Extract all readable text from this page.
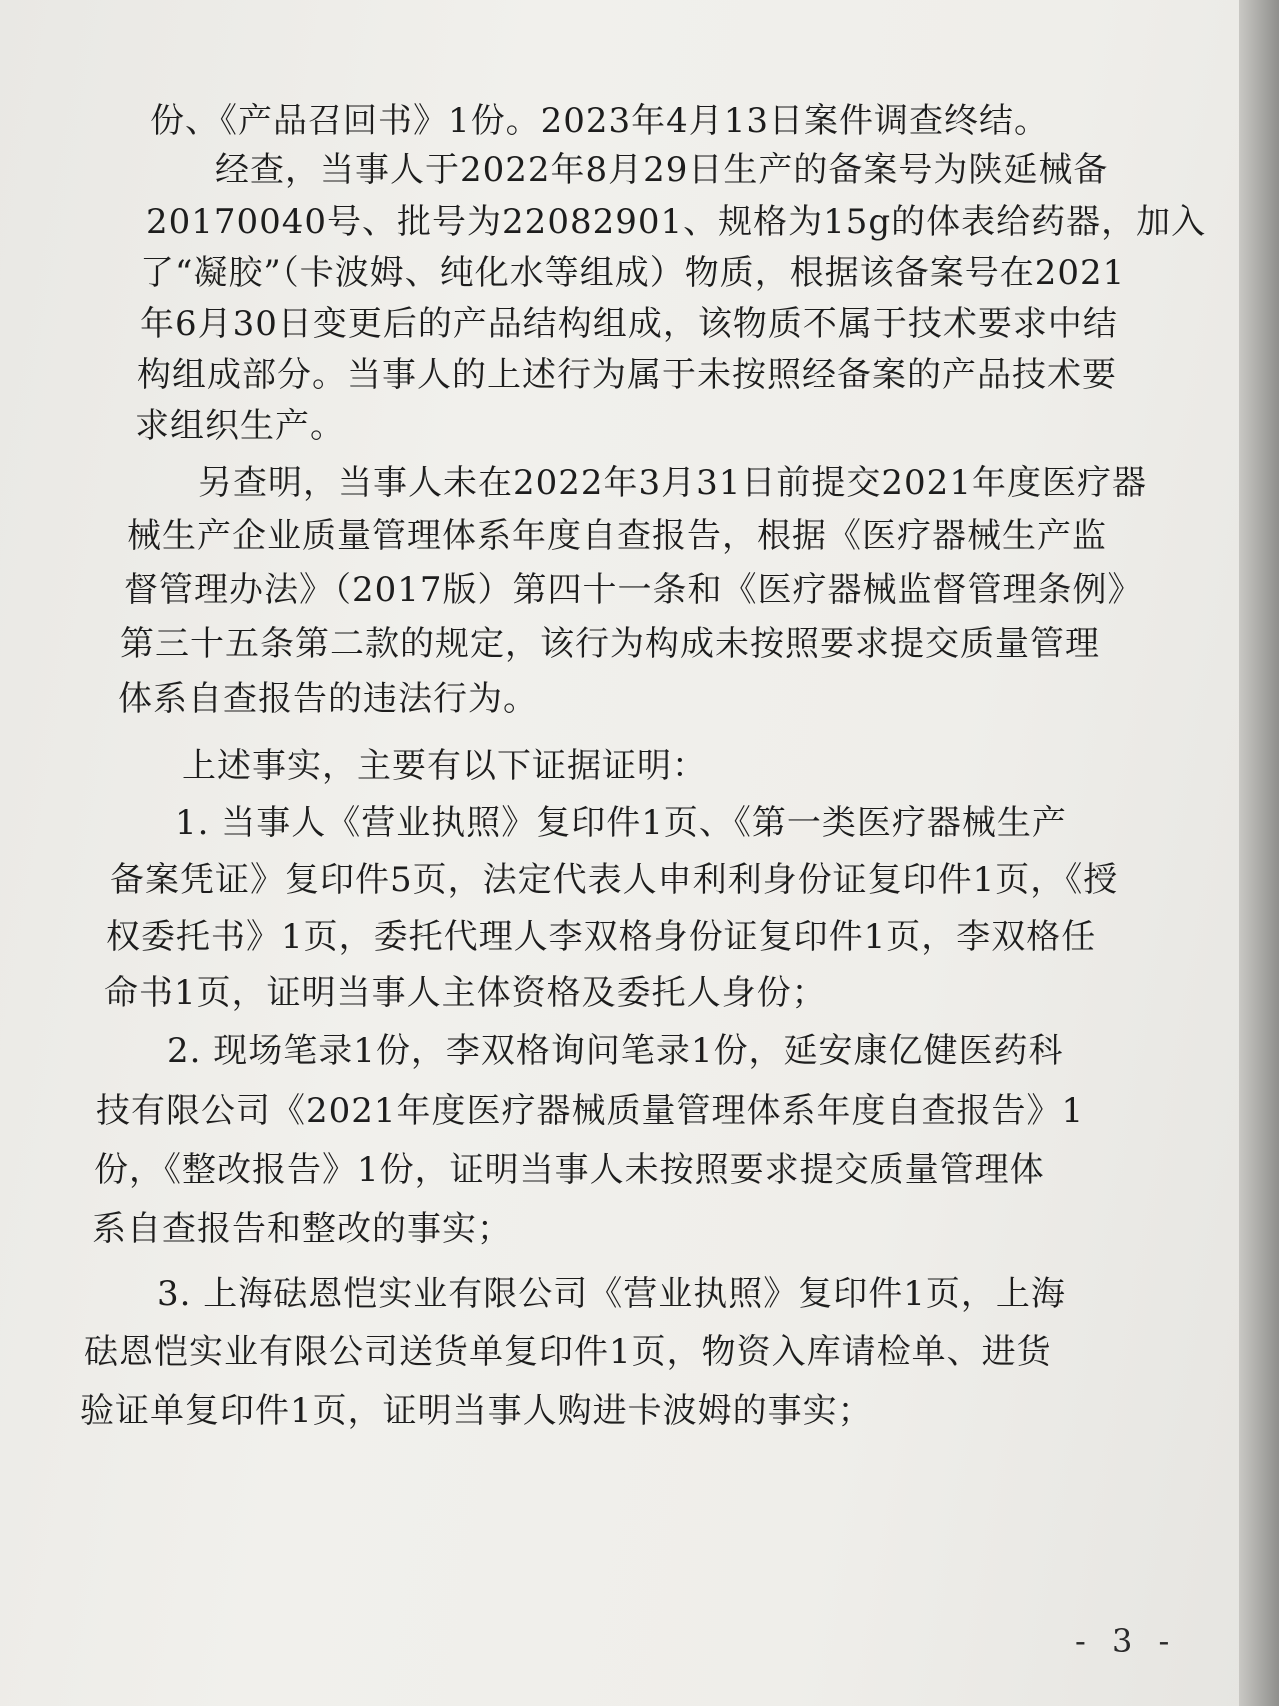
份、《产品召回书》1份。2023年4月13日案件调查终结。
经查，当事人于2022年8月29日生产的备案号为陕延械备
20170040号、批号为22082901、规格为15g的体表给药器，加入
了“凝胶”（卡波姆、纯化水等组成）物质，根据该备案号在2021
年6月30日变更后的产品结构组成，该物质不属于技术要求中结
构组成部分。当事人的上述行为属于未按照经备案的产品技术要
求组织生产。
另查明，当事人未在2022年3月31日前提交2021年度医疗器
械生产企业质量管理体系年度自查报告，根据《医疗器械生产监
督管理办法》（2017版）第四十一条和《医疗器械监督管理条例》
第三十五条第二款的规定，该行为构成未按照要求提交质量管理
体系自查报告的违法行为。
上述事实，主要有以下证据证明：
1. 当事人《营业执照》复印件1页、《第一类医疗器械生产
备案凭证》复印件5页，法定代表人申利利身份证复印件1页，《授
权委托书》1页，委托代理人李双格身份证复印件1页，李双格任
命书1页，证明当事人主体资格及委托人身份；
2. 现场笔录1份，李双格询问笔录1份，延安康亿健医药科
技有限公司《2021年度医疗器械质量管理体系年度自查报告》1
份，《整改报告》1份，证明当事人未按照要求提交质量管理体
系自查报告和整改的事实；
3. 上海砝恩恺实业有限公司《营业执照》复印件1页，上海
砝恩恺实业有限公司送货单复印件1页，物资入库请检单、进货
验证单复印件1页，证明当事人购进卡波姆的事实；
- 3 -
